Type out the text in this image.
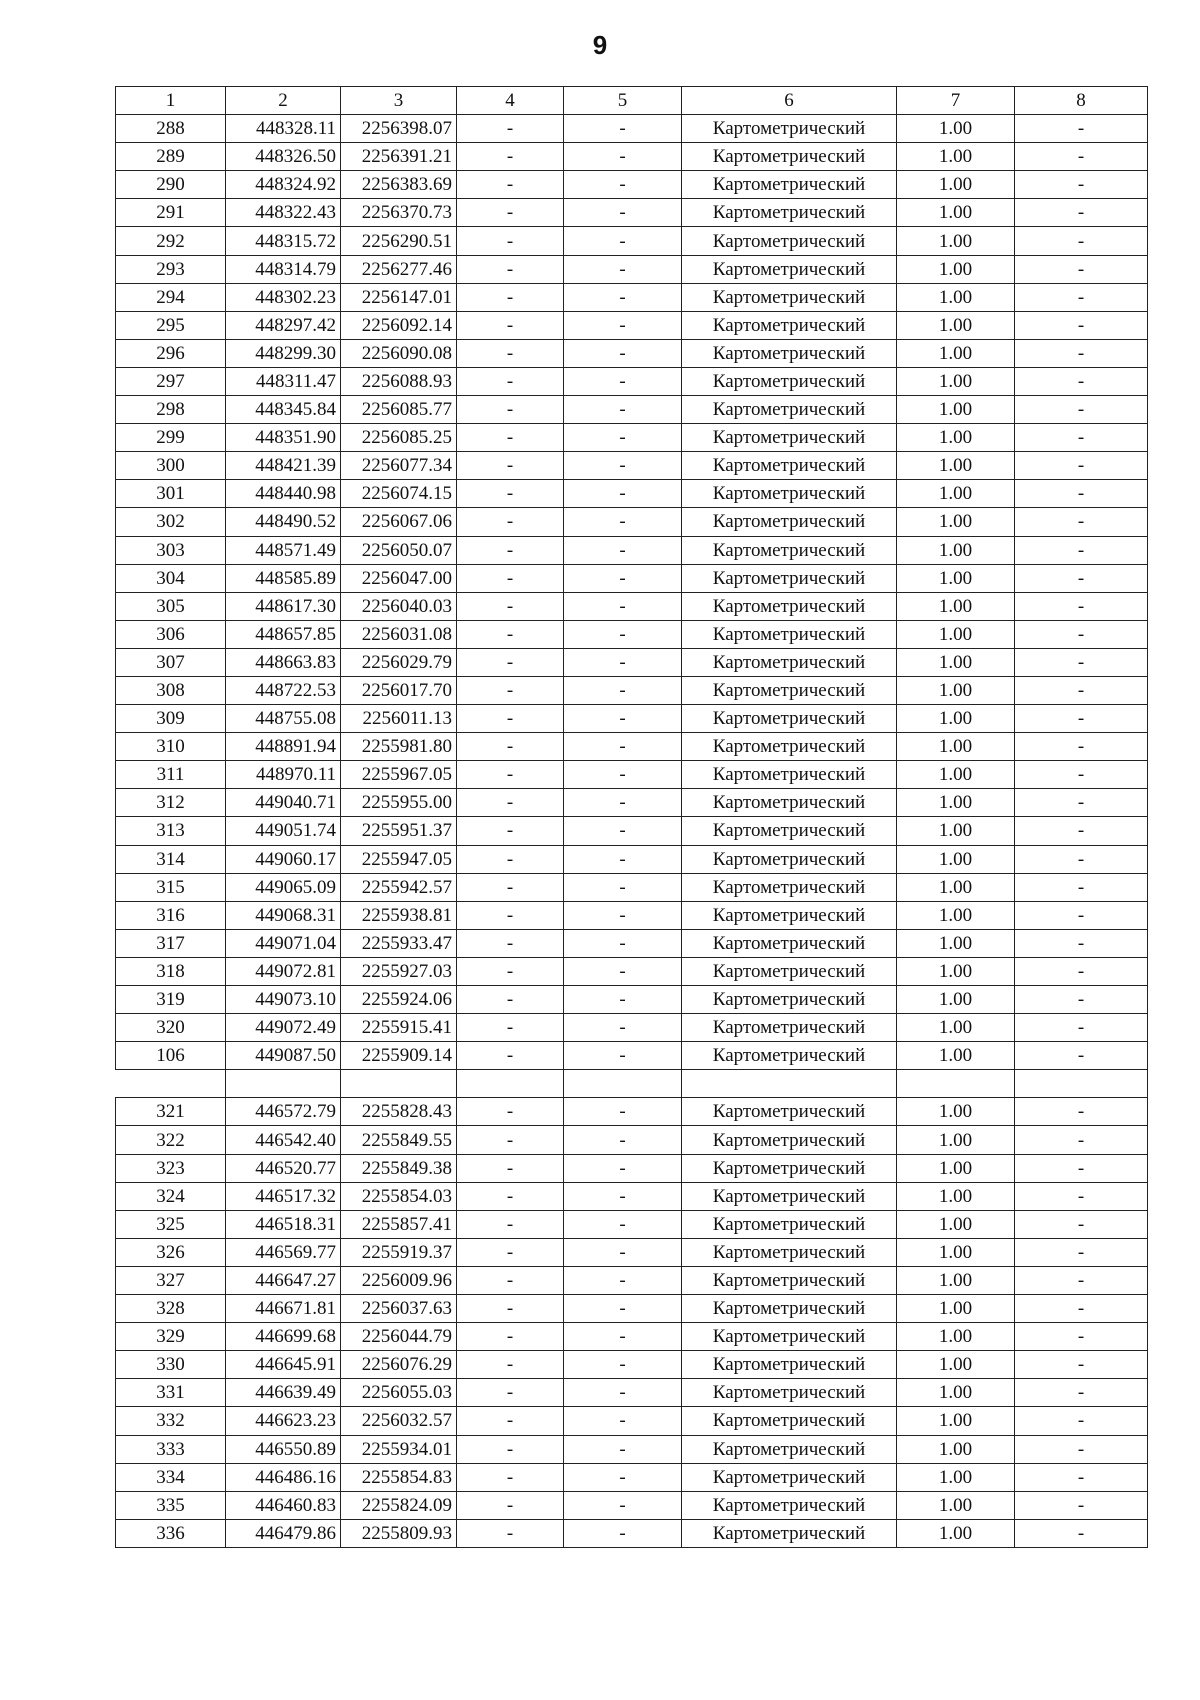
9
1	2	3	4	5	6	7	8
288	448328.11	2256398.07	-	-	Картометрический	1.00	-
289	448326.50	2256391.21	-	-	Картометрический	1.00	-
290	448324.92	2256383.69	-	-	Картометрический	1.00	-
291	448322.43	2256370.73	-	-	Картометрический	1.00	-
292	448315.72	2256290.51	-	-	Картометрический	1.00	-
293	448314.79	2256277.46	-	-	Картометрический	1.00	-
294	448302.23	2256147.01	-	-	Картометрический	1.00	-
295	448297.42	2256092.14	-	-	Картометрический	1.00	-
296	448299.30	2256090.08	-	-	Картометрический	1.00	-
297	448311.47	2256088.93	-	-	Картометрический	1.00	-
298	448345.84	2256085.77	-	-	Картометрический	1.00	-
299	448351.90	2256085.25	-	-	Картометрический	1.00	-
300	448421.39	2256077.34	-	-	Картометрический	1.00	-
301	448440.98	2256074.15	-	-	Картометрический	1.00	-
302	448490.52	2256067.06	-	-	Картометрический	1.00	-
303	448571.49	2256050.07	-	-	Картометрический	1.00	-
304	448585.89	2256047.00	-	-	Картометрический	1.00	-
305	448617.30	2256040.03	-	-	Картометрический	1.00	-
306	448657.85	2256031.08	-	-	Картометрический	1.00	-
307	448663.83	2256029.79	-	-	Картометрический	1.00	-
308	448722.53	2256017.70	-	-	Картометрический	1.00	-
309	448755.08	2256011.13	-	-	Картометрический	1.00	-
310	448891.94	2255981.80	-	-	Картометрический	1.00	-
311	448970.11	2255967.05	-	-	Картометрический	1.00	-
312	449040.71	2255955.00	-	-	Картометрический	1.00	-
313	449051.74	2255951.37	-	-	Картометрический	1.00	-
314	449060.17	2255947.05	-	-	Картометрический	1.00	-
315	449065.09	2255942.57	-	-	Картометрический	1.00	-
316	449068.31	2255938.81	-	-	Картометрический	1.00	-
317	449071.04	2255933.47	-	-	Картометрический	1.00	-
318	449072.81	2255927.03	-	-	Картометрический	1.00	-
319	449073.10	2255924.06	-	-	Картометрический	1.00	-
320	449072.49	2255915.41	-	-	Картометрический	1.00	-
106	449087.50	2255909.14	-	-	Картометрический	1.00	-

321	446572.79	2255828.43	-	-	Картометрический	1.00	-
322	446542.40	2255849.55	-	-	Картометрический	1.00	-
323	446520.77	2255849.38	-	-	Картометрический	1.00	-
324	446517.32	2255854.03	-	-	Картометрический	1.00	-
325	446518.31	2255857.41	-	-	Картометрический	1.00	-
326	446569.77	2255919.37	-	-	Картометрический	1.00	-
327	446647.27	2256009.96	-	-	Картометрический	1.00	-
328	446671.81	2256037.63	-	-	Картометрический	1.00	-
329	446699.68	2256044.79	-	-	Картометрический	1.00	-
330	446645.91	2256076.29	-	-	Картометрический	1.00	-
331	446639.49	2256055.03	-	-	Картометрический	1.00	-
332	446623.23	2256032.57	-	-	Картометрический	1.00	-
333	446550.89	2255934.01	-	-	Картометрический	1.00	-
334	446486.16	2255854.83	-	-	Картометрический	1.00	-
335	446460.83	2255824.09	-	-	Картометрический	1.00	-
336	446479.86	2255809.93	-	-	Картометрический	1.00	-
